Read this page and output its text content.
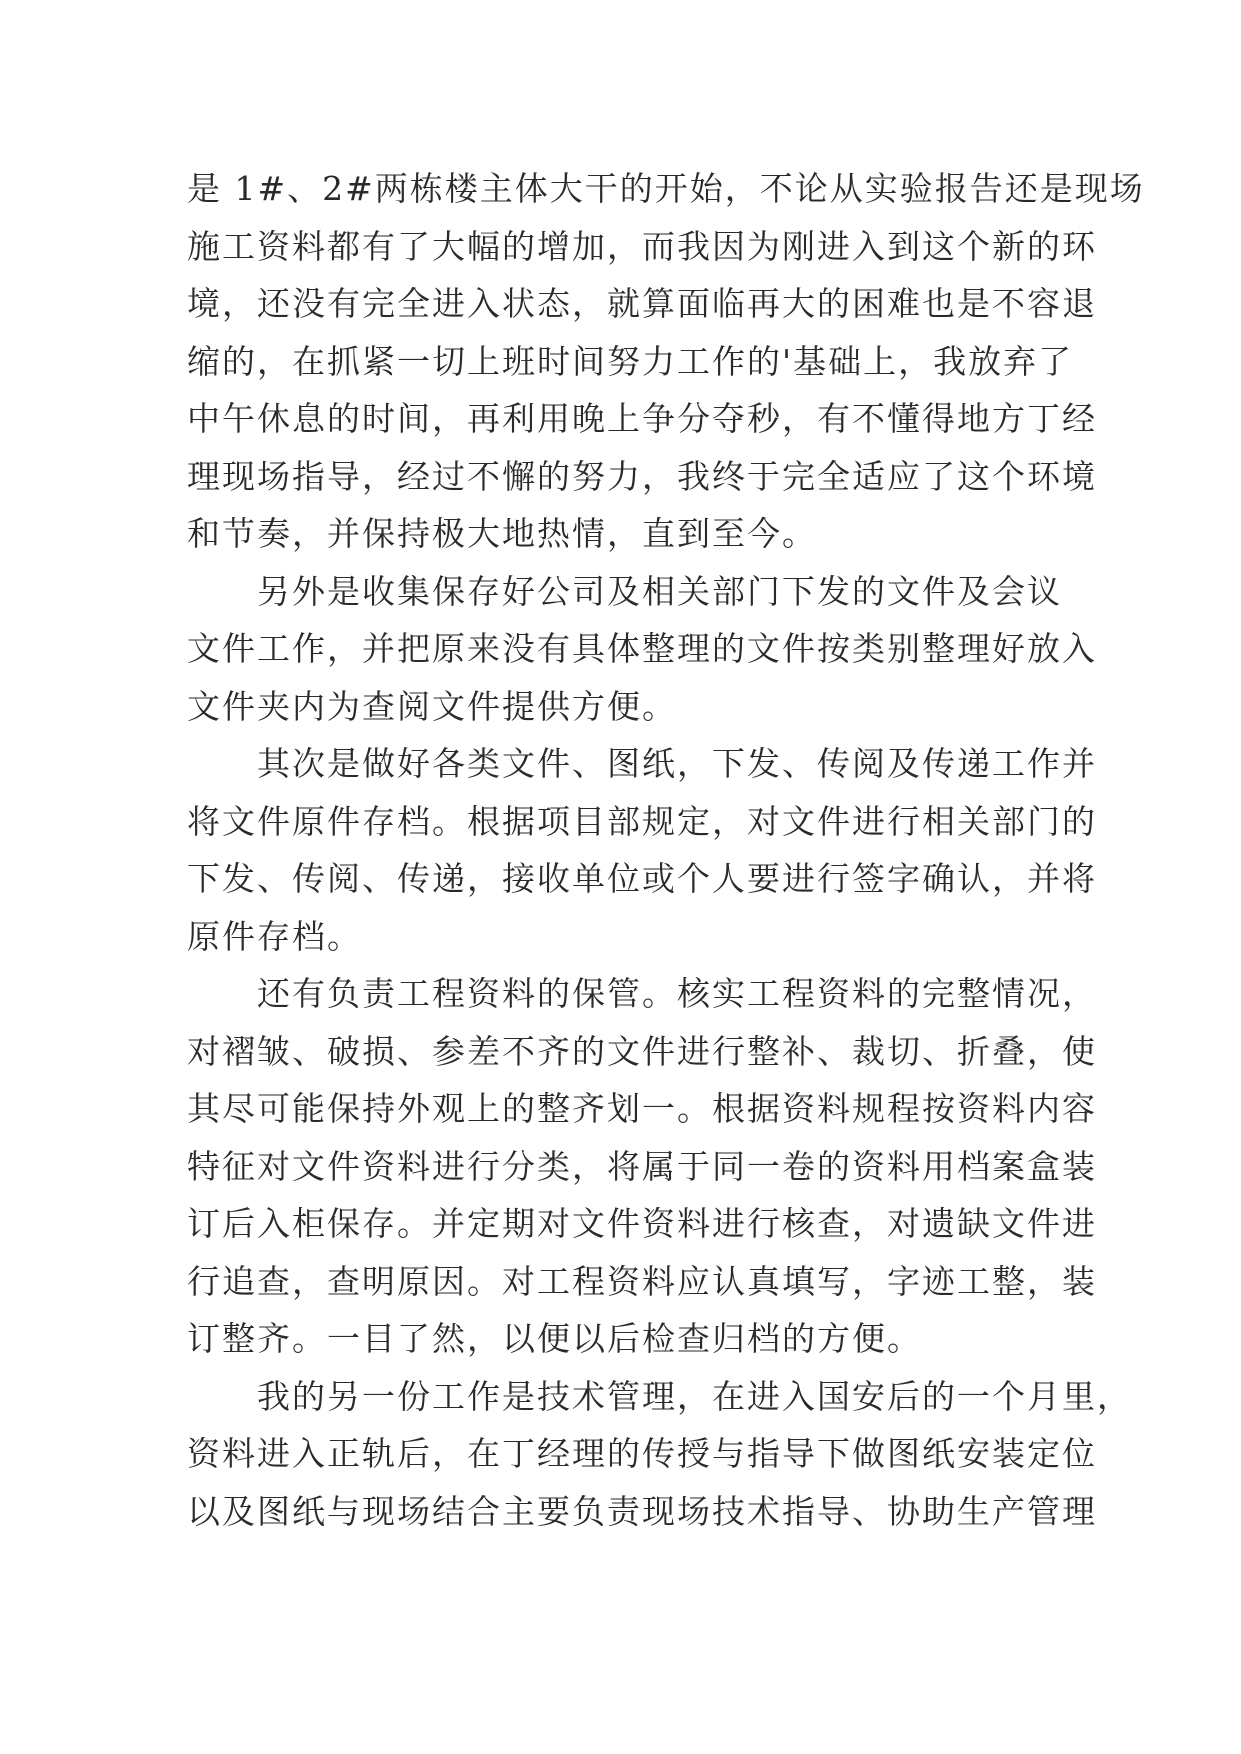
是 1#、2#两栋楼主体大干的开始，不论从实验报告还是现场
施工资料都有了大幅的增加，而我因为刚进入到这个新的环
境，还没有完全进入状态，就算面临再大的困难也是不容退
缩的，在抓紧一切上班时间努力工作的'基础上，我放弃了
中午休息的时间，再利用晚上争分夺秒，有不懂得地方丁经
理现场指导，经过不懈的努力，我终于完全适应了这个环境
和节奏，并保持极大地热情，直到至今。
另外是收集保存好公司及相关部门下发的文件及会议
文件工作，并把原来没有具体整理的文件按类别整理好放入
文件夹内为查阅文件提供方便。
其次是做好各类文件、图纸，下发、传阅及传递工作并
将文件原件存档。根据项目部规定，对文件进行相关部门的
下发、传阅、传递，接收单位或个人要进行签字确认，并将
原件存档。
还有负责工程资料的保管。核实工程资料的完整情况，
对褶皱、破损、参差不齐的文件进行整补、裁切、折叠，使
其尽可能保持外观上的整齐划一。根据资料规程按资料内容
特征对文件资料进行分类，将属于同一卷的资料用档案盒装
订后入柜保存。并定期对文件资料进行核查，对遗缺文件进
行追查，查明原因。对工程资料应认真填写，字迹工整，装
订整齐。一目了然，以便以后检查归档的方便。
我的另一份工作是技术管理，在进入国安后的一个月里，
资料进入正轨后，在丁经理的传授与指导下做图纸安装定位
以及图纸与现场结合主要负责现场技术指导、协助生产管理
